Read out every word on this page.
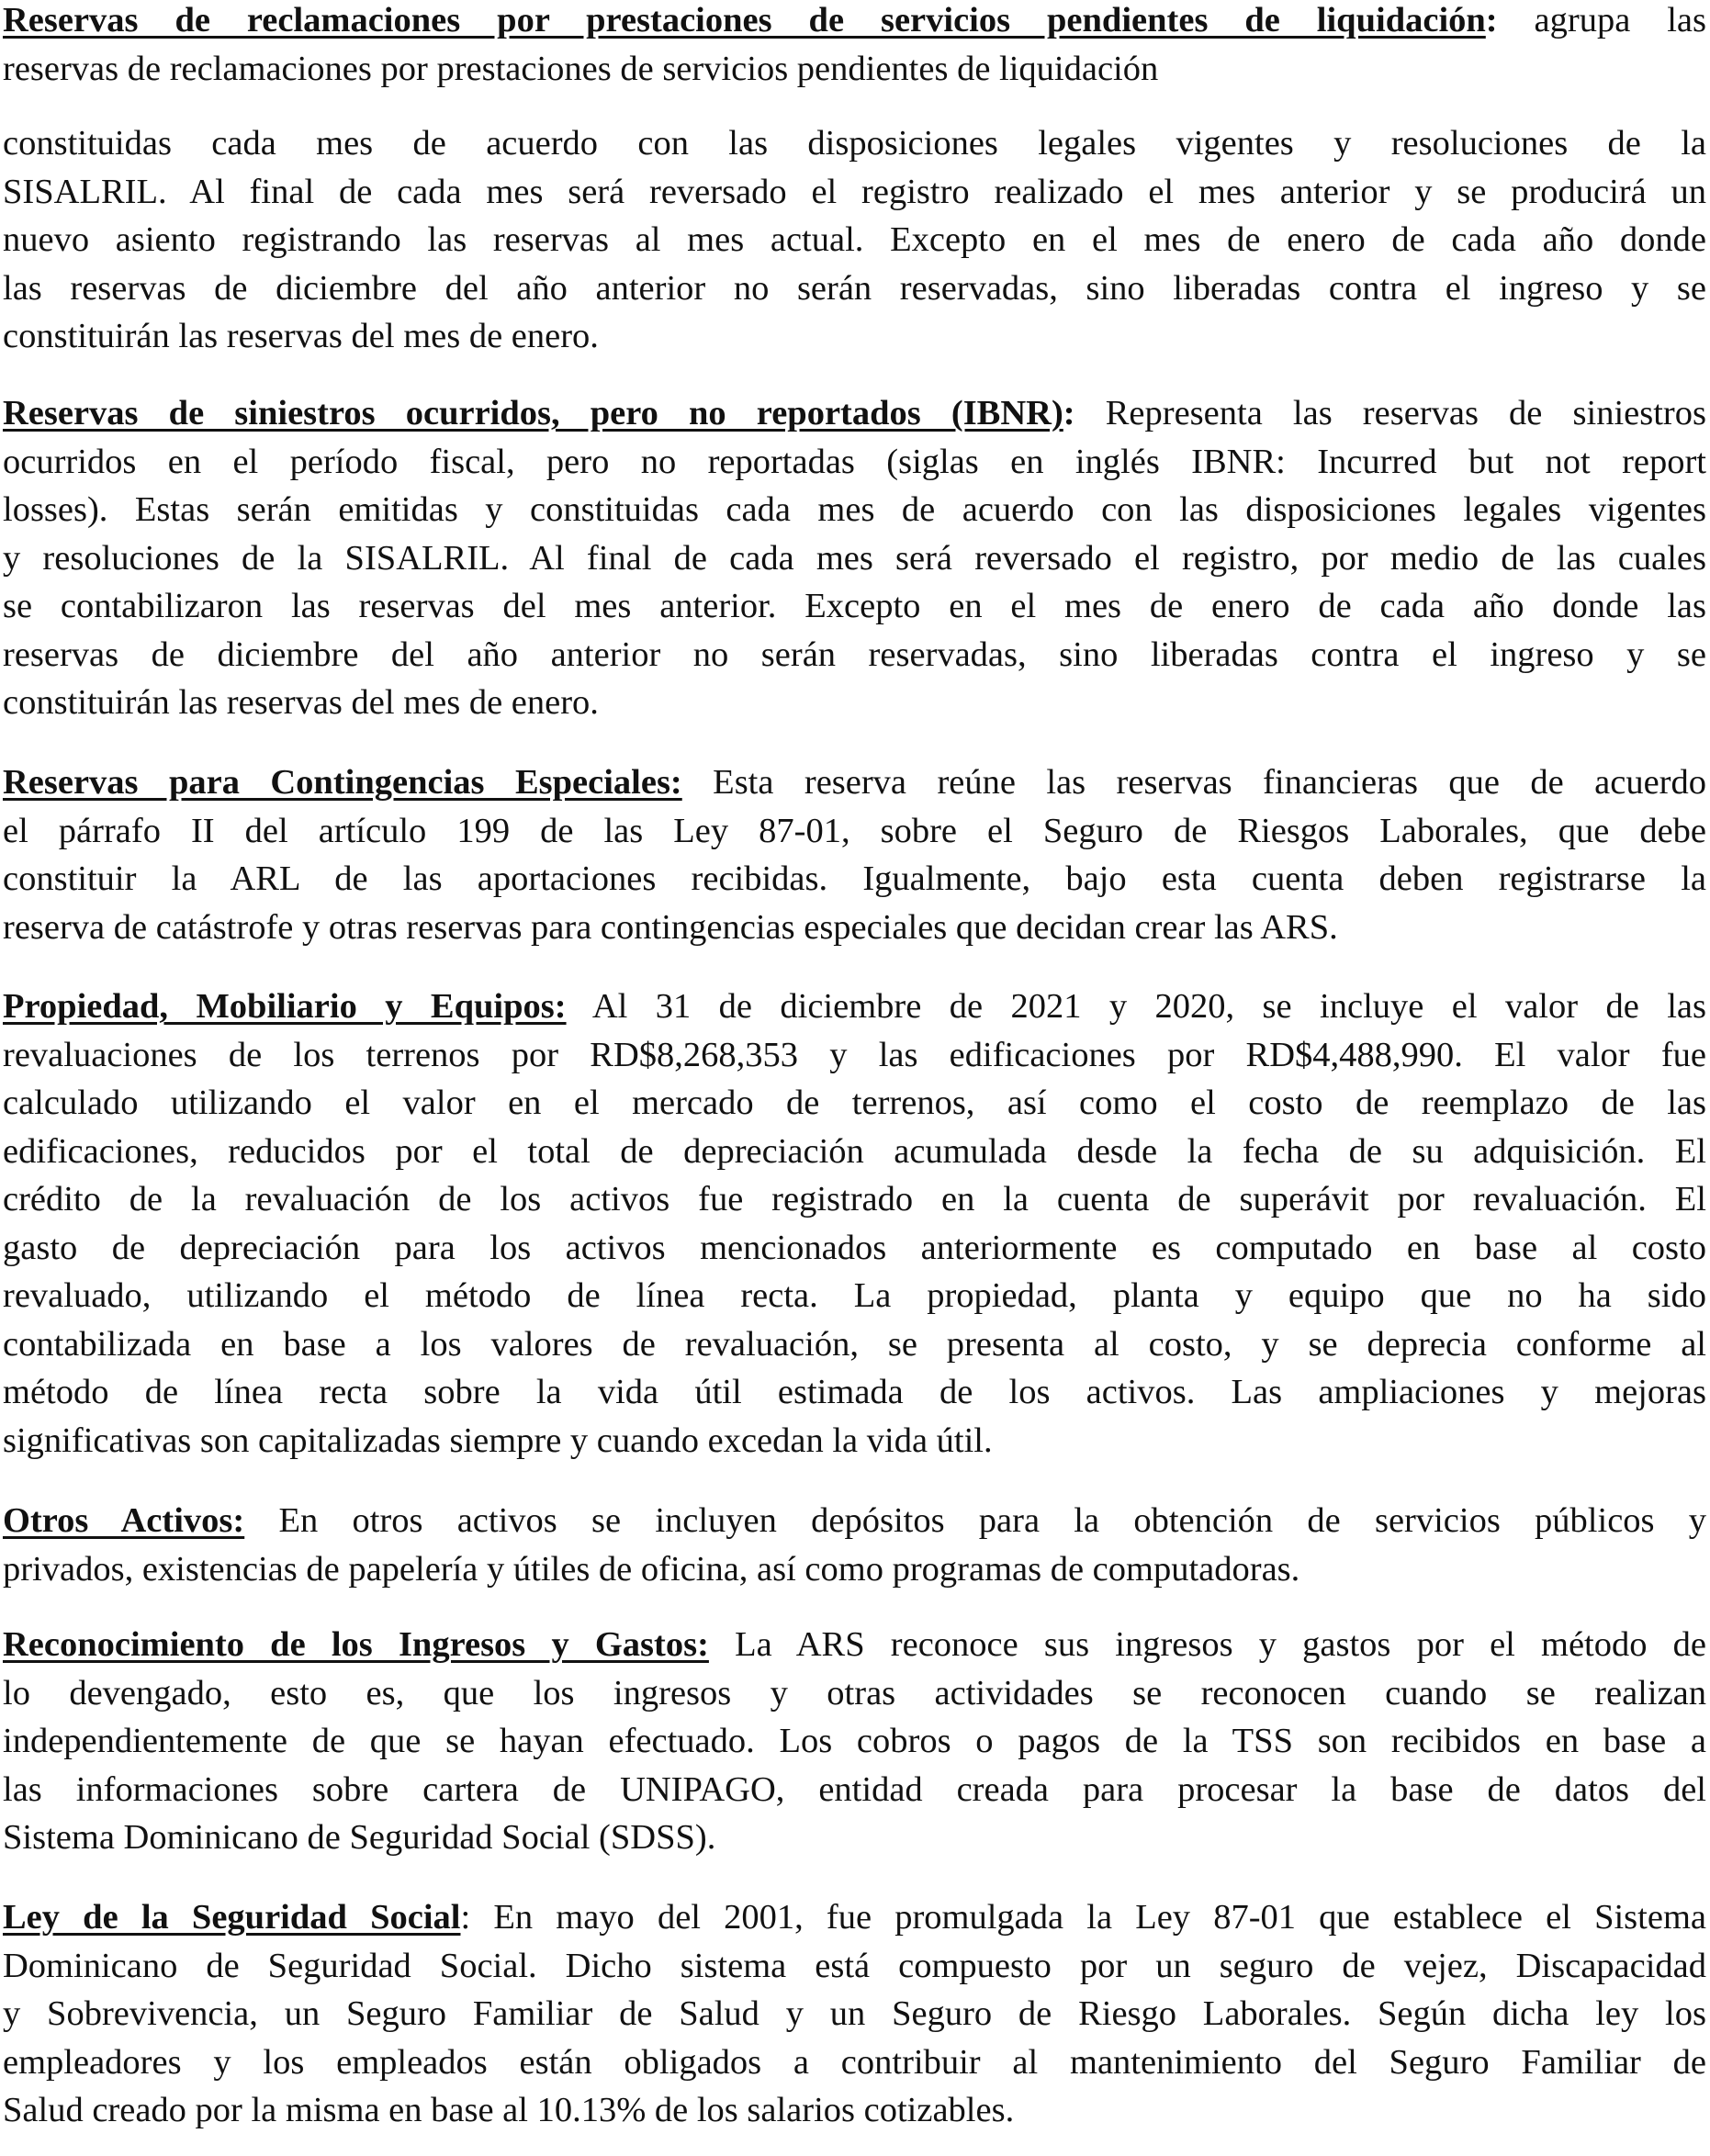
Reservas de reclamaciones por prestaciones de servicios pendientes de liquidación: agrupa las
reservas de reclamaciones por prestaciones de servicios pendientes de liquidación
constituidas cada mes de acuerdo con las disposiciones legales vigentes y resoluciones de la
SISALRIL. Al final de cada mes será reversado el registro realizado el mes anterior y se producirá un
nuevo asiento registrando las reservas al mes actual. Excepto en el mes de enero de cada año donde
las reservas de diciembre del año anterior no serán reservadas, sino liberadas contra el ingreso y se
constituirán las reservas del mes de enero.
Reservas de siniestros ocurridos, pero no reportados (IBNR): Representa las reservas de siniestros
ocurridos en el período fiscal, pero no reportadas (siglas en inglés IBNR: Incurred but not report
losses). Estas serán emitidas y constituidas cada mes de acuerdo con las disposiciones legales vigentes
y resoluciones de la SISALRIL. Al final de cada mes será reversado el registro, por medio de las cuales
se contabilizaron las reservas del mes anterior. Excepto en el mes de enero de cada año donde las
reservas de diciembre del año anterior no serán reservadas, sino liberadas contra el ingreso y se
constituirán las reservas del mes de enero.
Reservas para Contingencias Especiales: Esta reserva reúne las reservas financieras que de acuerdo
el párrafo II del artículo 199 de las Ley 87-01, sobre el Seguro de Riesgos Laborales, que debe
constituir la ARL de las aportaciones recibidas. Igualmente, bajo esta cuenta deben registrarse la
reserva de catástrofe y otras reservas para contingencias especiales que decidan crear las ARS.
Propiedad, Mobiliario y Equipos: Al 31 de diciembre de 2021 y 2020, se incluye el valor de las
revaluaciones de los terrenos por RD$8,268,353 y las edificaciones por RD$4,488,990. El valor fue
calculado utilizando el valor en el mercado de terrenos, así como el costo de reemplazo de las
edificaciones, reducidos por el total de depreciación acumulada desde la fecha de su adquisición. El
crédito de la revaluación de los activos fue registrado en la cuenta de superávit por revaluación. El
gasto de depreciación para los activos mencionados anteriormente es computado en base al costo
revaluado, utilizando el método de línea recta. La propiedad, planta y equipo que no ha sido
contabilizada en base a los valores de revaluación, se presenta al costo, y se deprecia conforme al
método de línea recta sobre la vida útil estimada de los activos. Las ampliaciones y mejoras
significativas son capitalizadas siempre y cuando excedan la vida útil.
Otros Activos: En otros activos se incluyen depósitos para la obtención de servicios públicos y
privados, existencias de papelería y útiles de oficina, así como programas de computadoras.
Reconocimiento de los Ingresos y Gastos: La ARS reconoce sus ingresos y gastos por el método de
lo devengado, esto es, que los ingresos y otras actividades se reconocen cuando se realizan
independientemente de que se hayan efectuado. Los cobros o pagos de la TSS son recibidos en base a
las informaciones sobre cartera de UNIPAGO, entidad creada para procesar la base de datos del
Sistema Dominicano de Seguridad Social (SDSS).
Ley de la Seguridad Social: En mayo del 2001, fue promulgada la Ley 87-01 que establece el Sistema
Dominicano de Seguridad Social. Dicho sistema está compuesto por un seguro de vejez, Discapacidad
y Sobrevivencia, un Seguro Familiar de Salud y un Seguro de Riesgo Laborales. Según dicha ley los
empleadores y los empleados están obligados a contribuir al mantenimiento del Seguro Familiar de
Salud creado por la misma en base al 10.13% de los salarios cotizables.
